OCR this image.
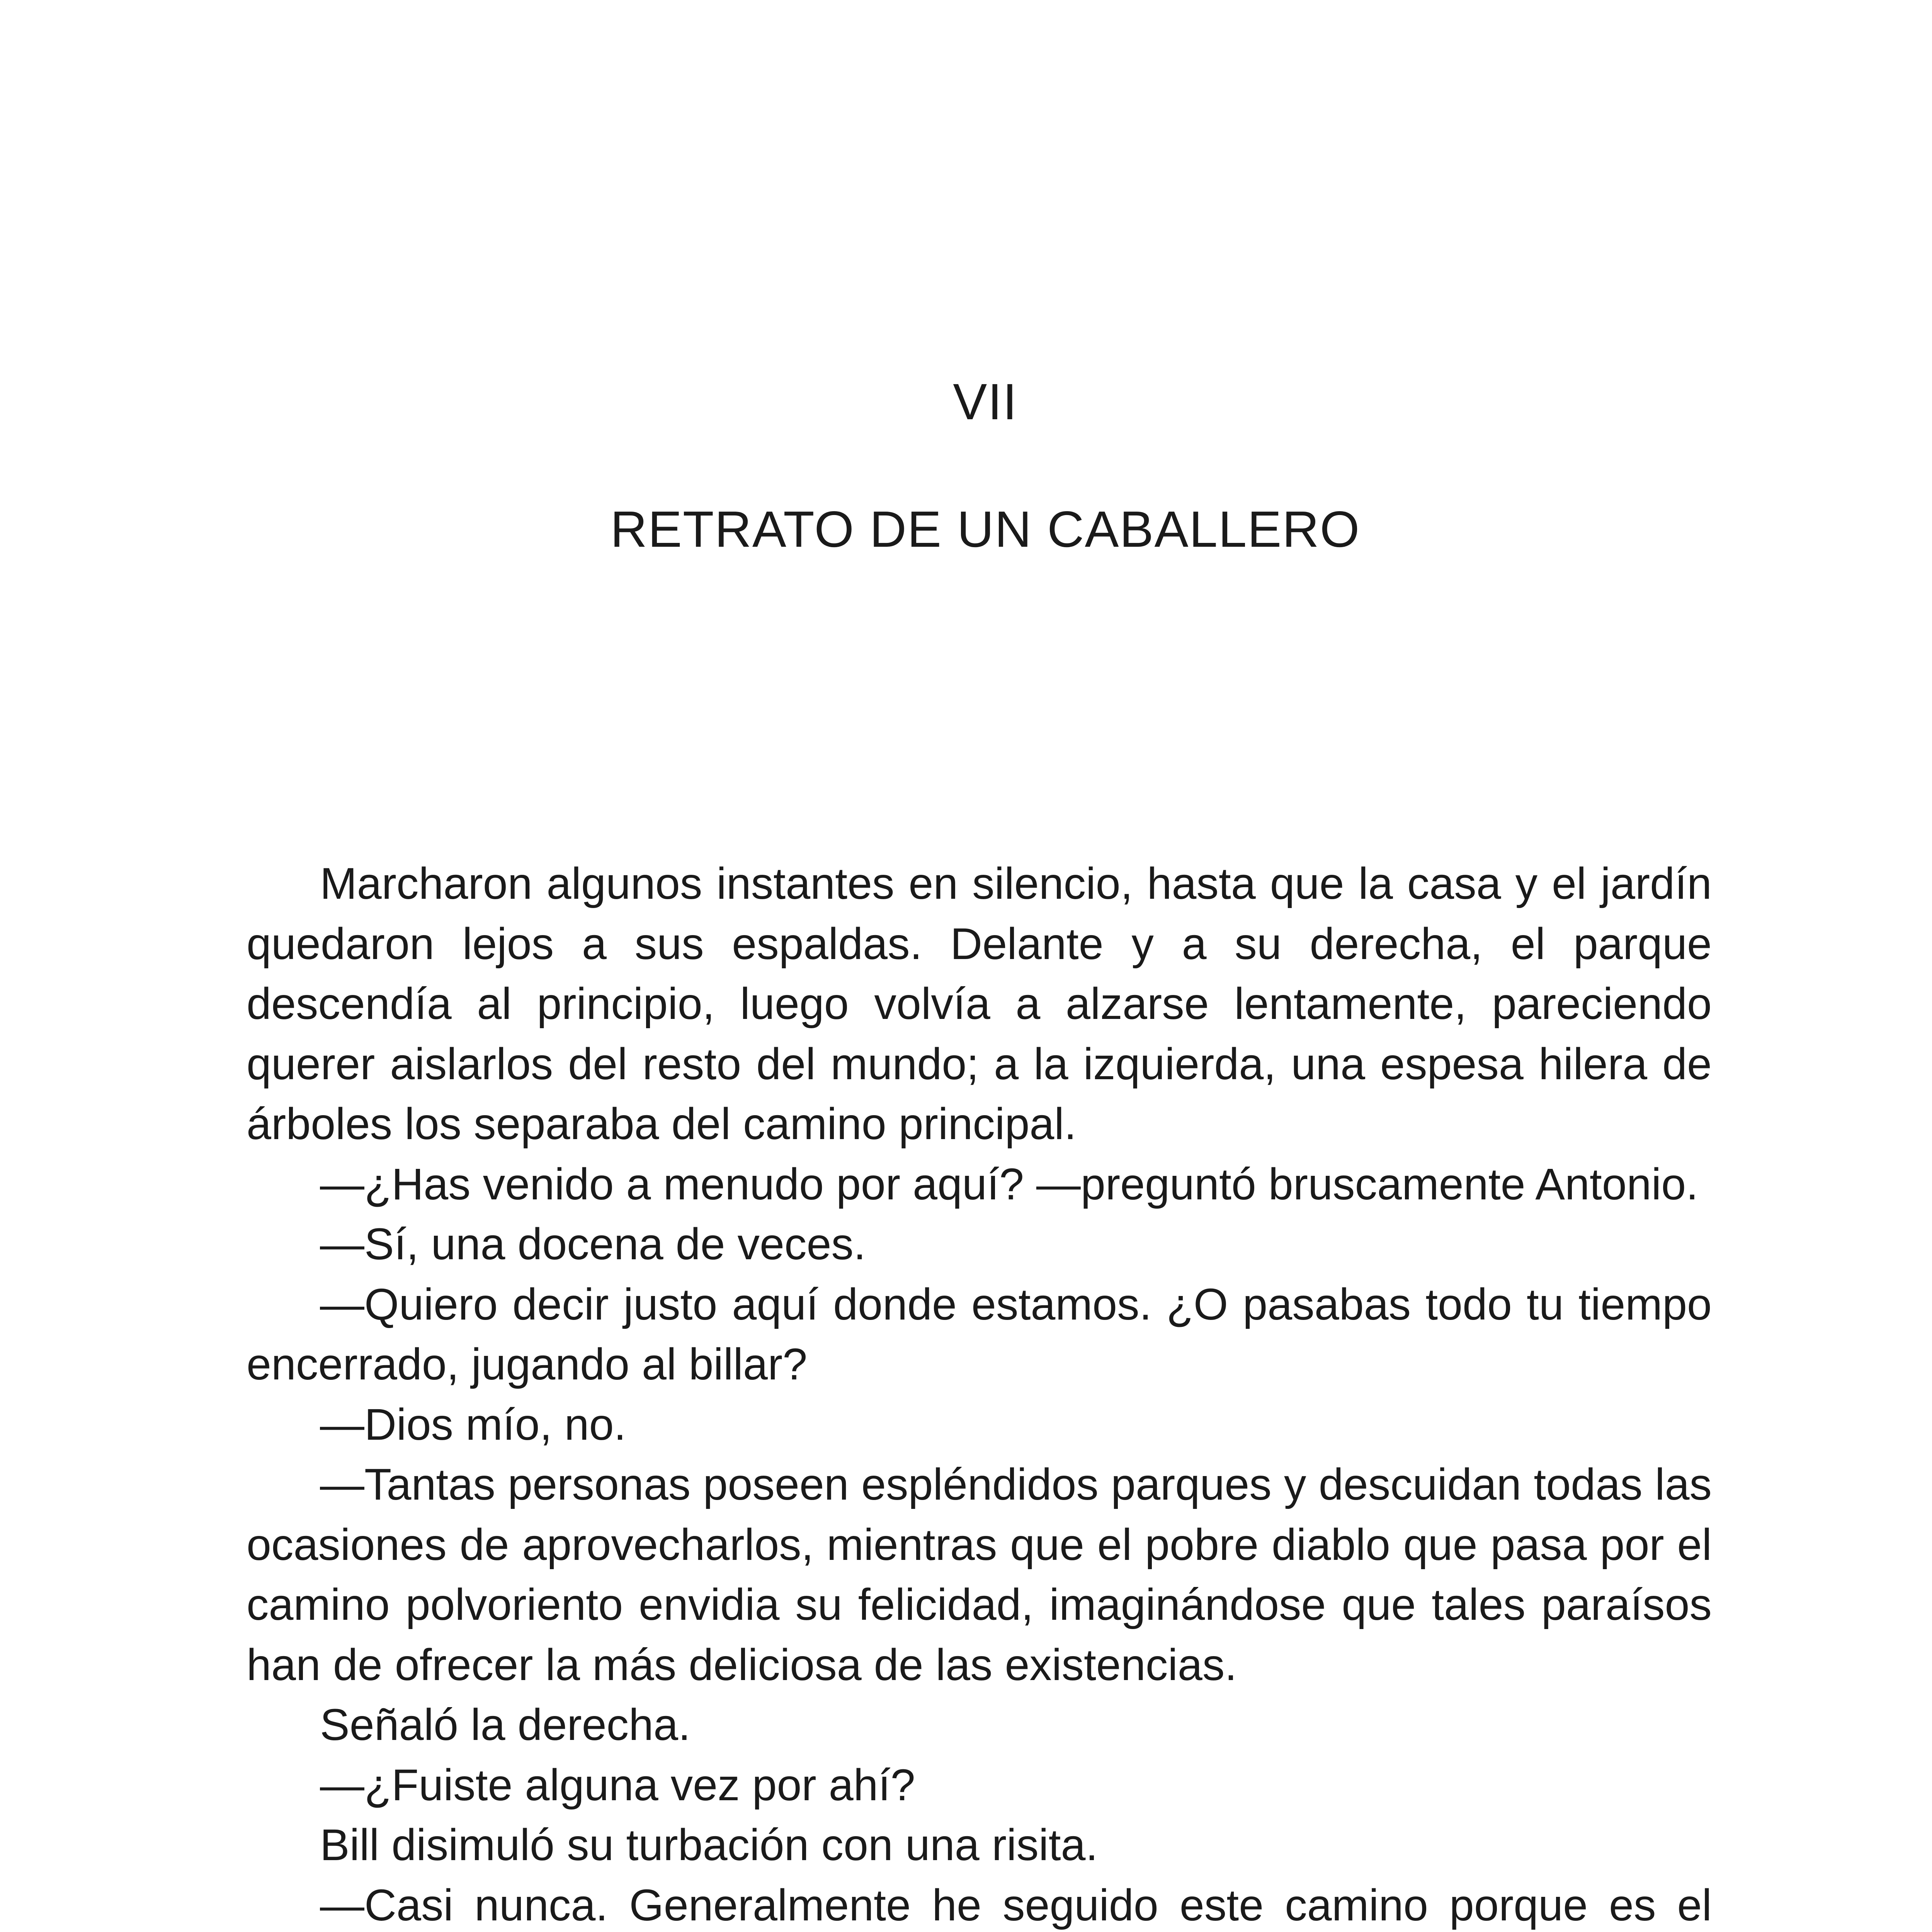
VII
RETRATO DE UN CABALLERO

Marcharon algunos instantes en silencio, hasta que la casa y el jardín quedaron lejos a sus espaldas. Delante y a su derecha, el parque descendía al principio, luego volvía a alzarse lentamente, pareciendo querer aislarlos del resto del mundo; a la izquierda, una espesa hilera de árboles los separaba del camino principal.

—¿Has venido a menudo por aquí? —preguntó bruscamente Antonio.

—Sí, una docena de veces.

—Quiero decir justo aquí donde estamos. ¿O pasabas todo tu tiempo encerrado, jugando al billar?

—Dios mío, no.

—Tantas personas poseen espléndidos parques y descuidan todas las ocasiones de aprovecharlos, mientras que el pobre diablo que pasa por el camino polvoriento envidia su felicidad, imaginándose que tales paraísos han de ofrecer la más deliciosa de las existencias.

Señaló la derecha.

—¿Fuiste alguna vez por ahí?

Bill disimuló su turbación con una risita.

—Casi nunca. Generalmente he seguido este camino porque es el
